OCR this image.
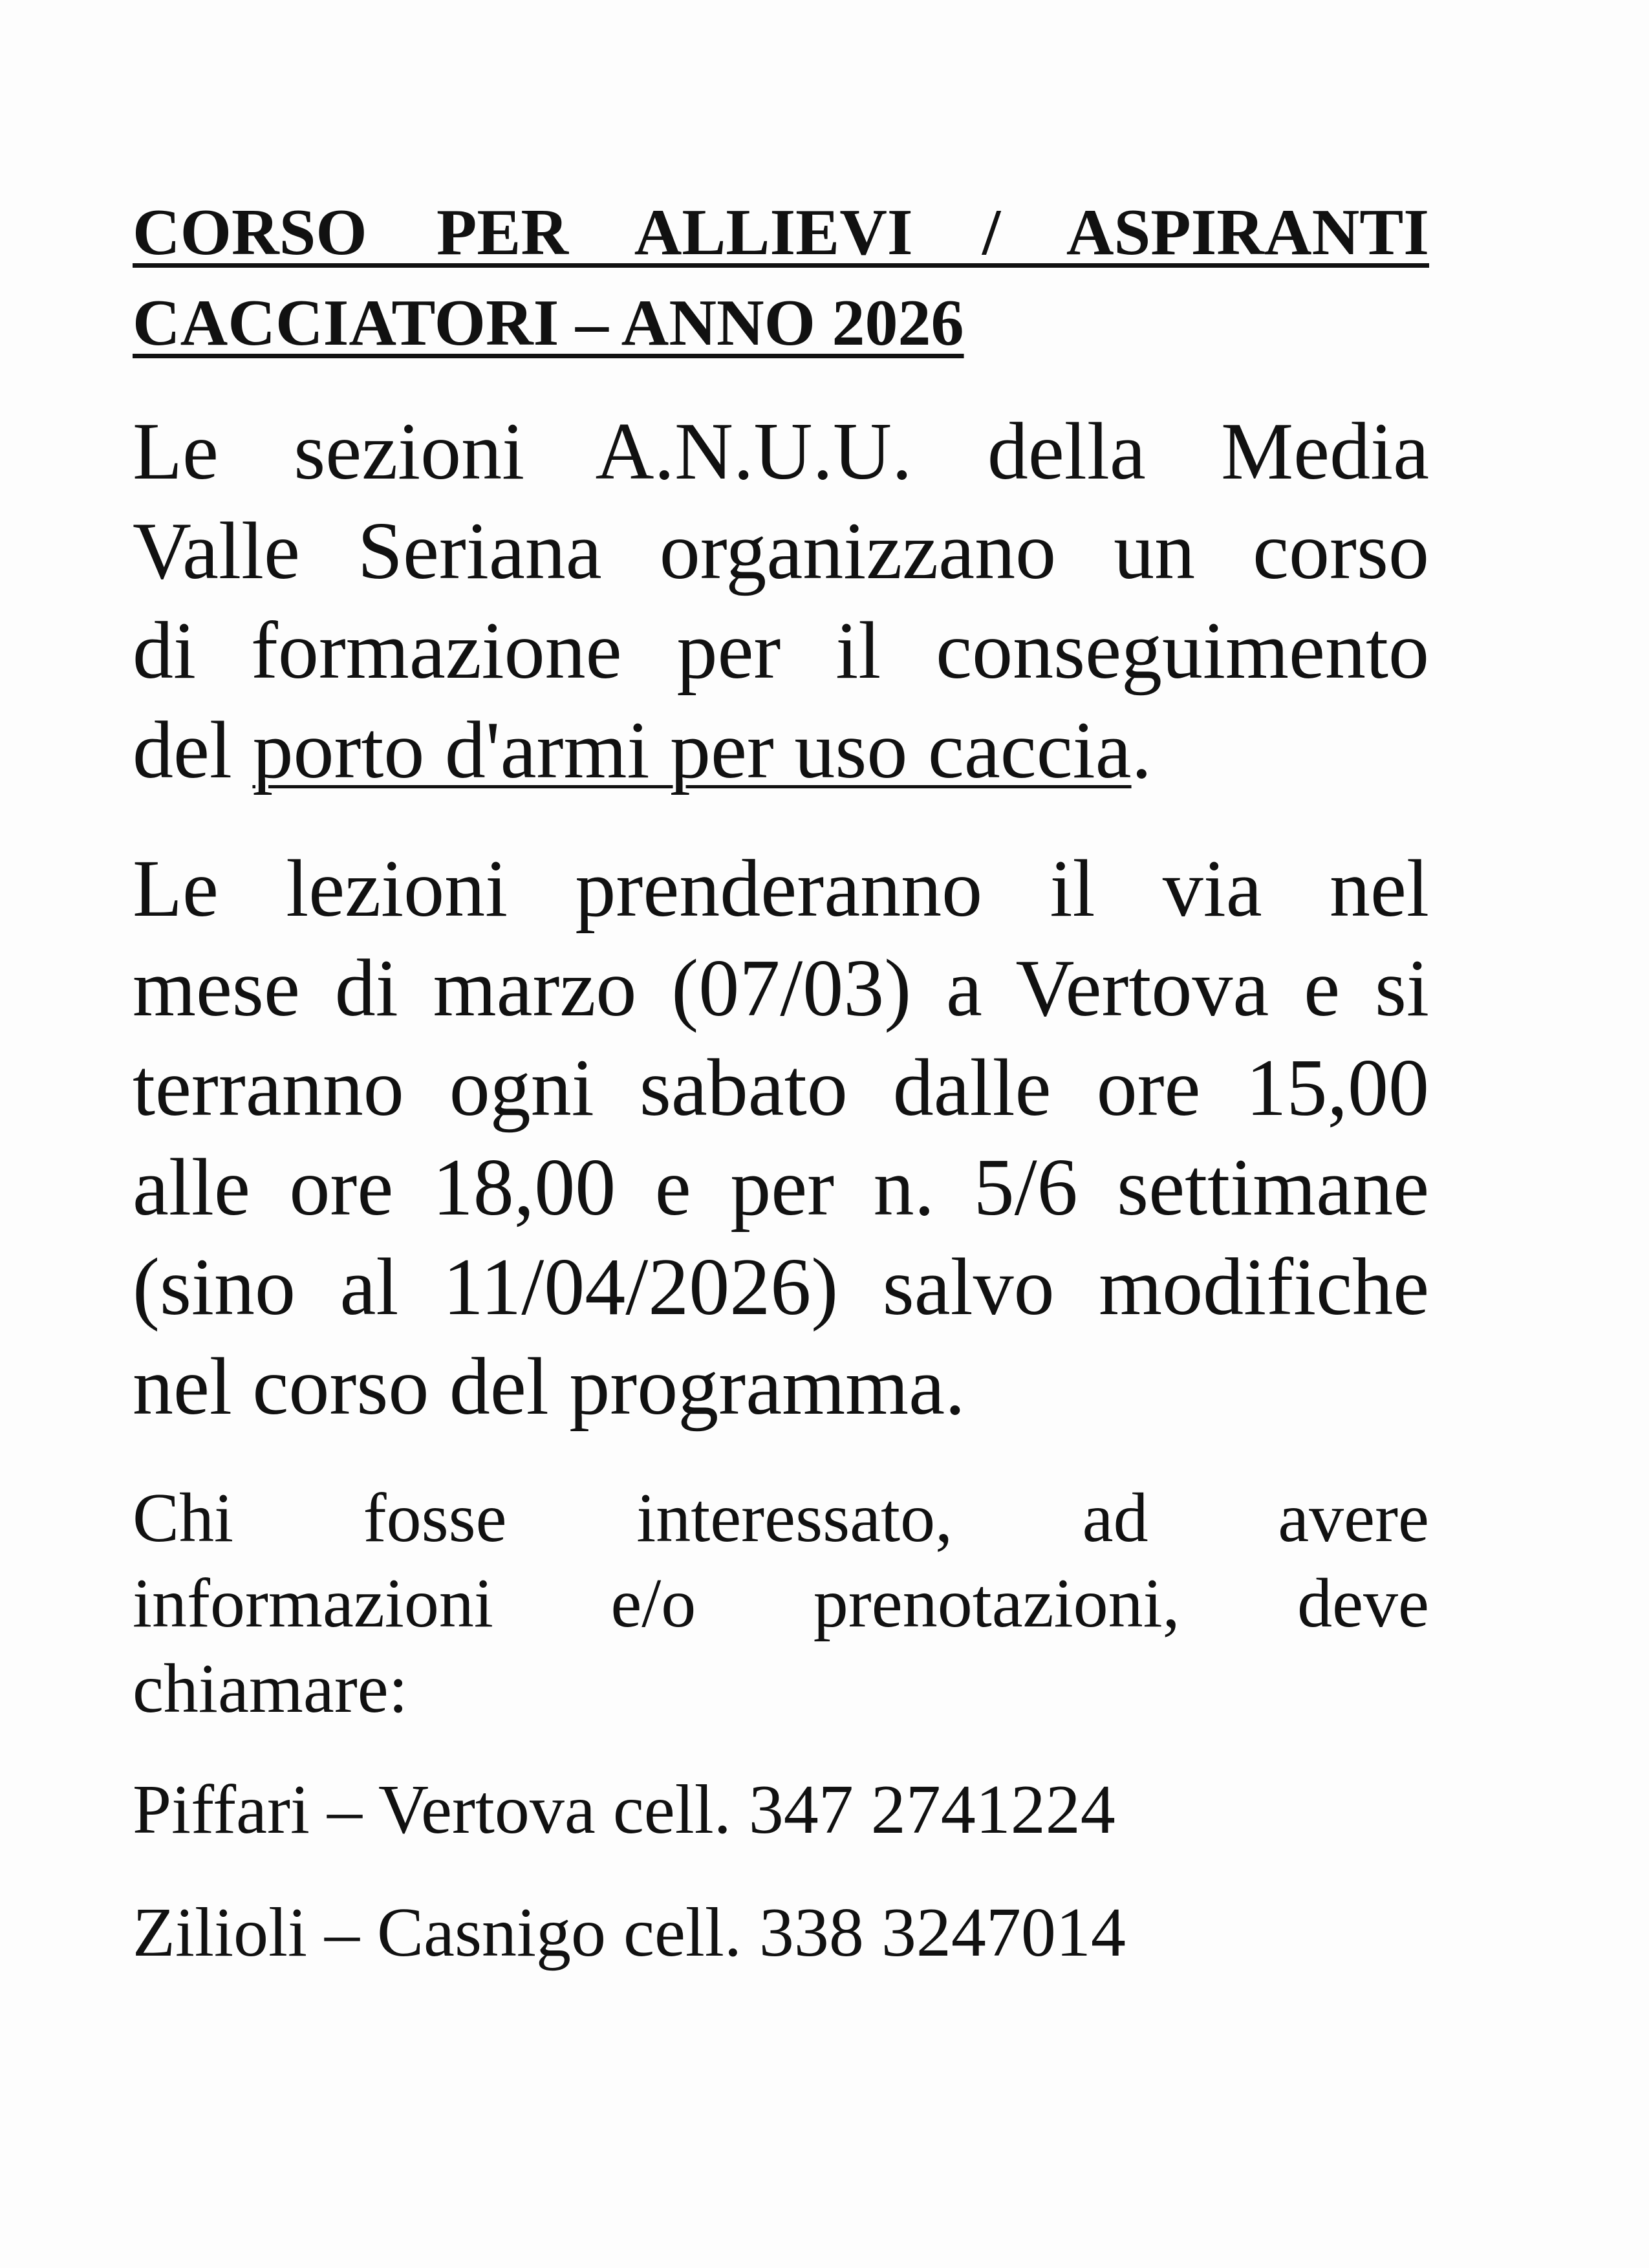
CORSO PER ALLIEVI / ASPIRANTI
CACCIATORI – ANNO 2026

Le sezioni A.N.U.U. della Media
Valle Seriana organizzano un corso
di formazione per il conseguimento
del porto d'armi per uso caccia.

Le lezioni prenderanno il via nel
mese di marzo (07/03) a Vertova e si
terranno ogni sabato dalle ore 15,00
alle ore 18,00 e per n. 5/6 settimane
(sino al 11/04/2026) salvo modifiche
nel corso del programma.

Chi fosse interessato, ad avere
informazioni e/o prenotazioni, deve
chiamare:

Piffari – Vertova cell. 347 2741224

Zilioli – Casnigo cell. 338 3247014
